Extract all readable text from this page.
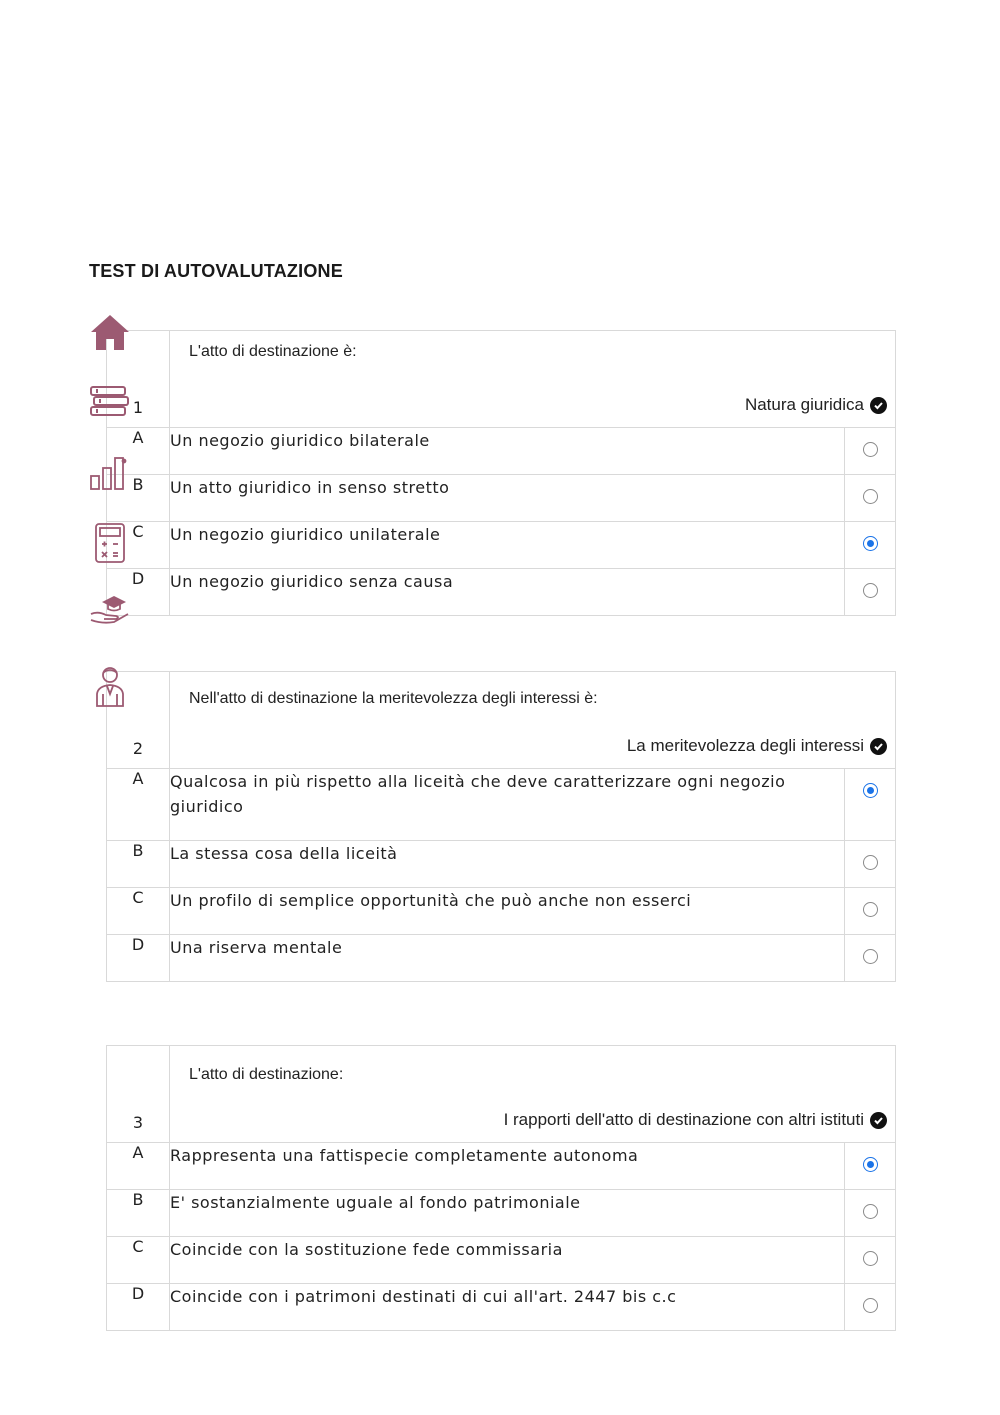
TEST DI AUTOVALUTAZIONE
1	L'atto di destinazione è:
Natura giuridica	

A	Un negozio giuridico bilaterale	

B	Un atto giuridico in senso stretto	

C	Un negozio giuridico unilaterale	

D	Un negozio giuridico senza causa	
2	Nell'atto di destinazione la meritevolezza degli interessi è:
La meritevolezza degli interessi	

A	Qualcosa in più rispetto alla liceità che deve caratterizzare ogni negozio giuridico	

B	La stessa cosa della liceità	

C	Un profilo di semplice opportunità che può anche non esserci	

D	Una riserva mentale	
3	L'atto di destinazione:
I rapporti dell'atto di destinazione con altri istituti	

A	Rappresenta una fattispecie completamente autonoma	

B	E' sostanzialmente uguale al fondo patrimoniale	

C	Coincide con la sostituzione fede commissaria	

D	Coincide con i patrimoni destinati di cui all'art. 2447 bis c.c	
